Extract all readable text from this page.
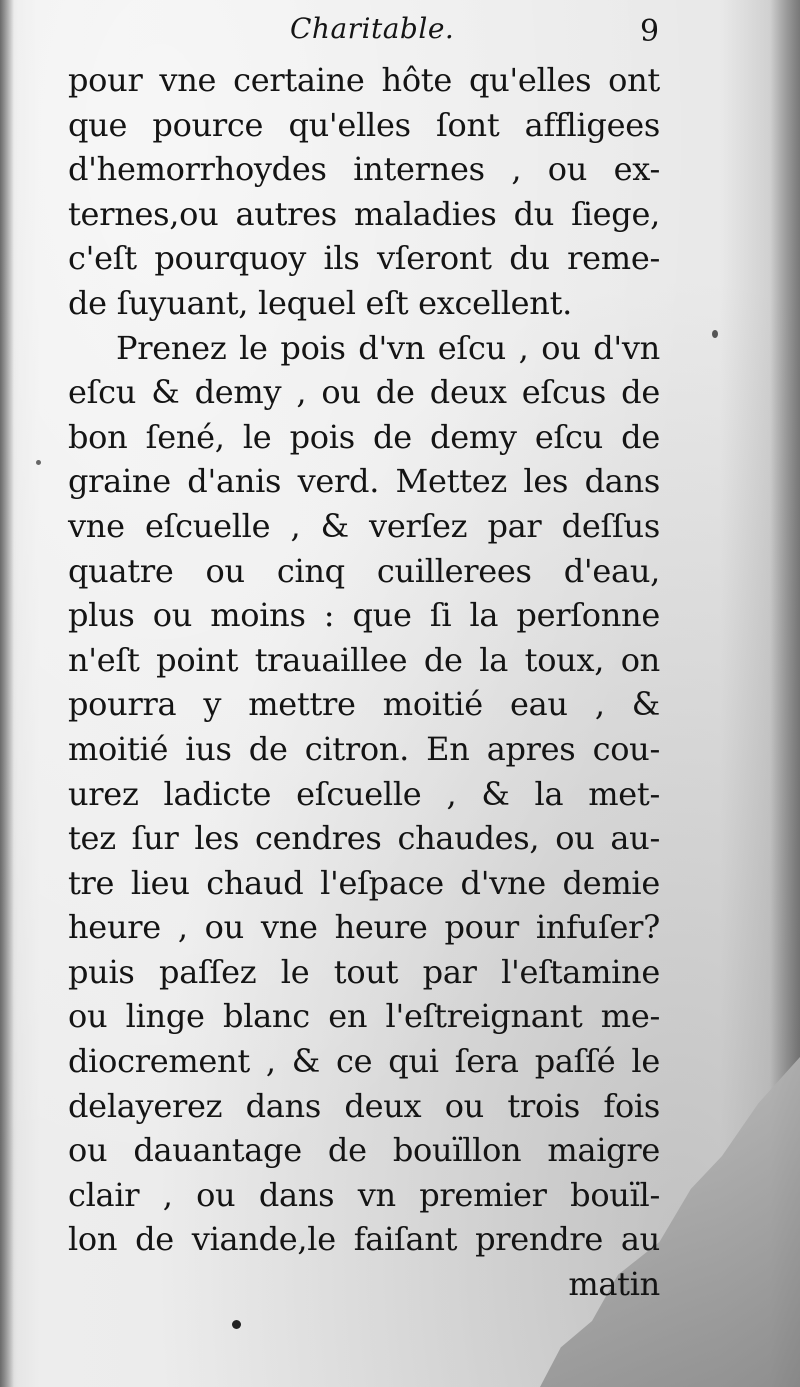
Charitable.	9
pour vne certaine hôte qu'elles ont
que pource qu'elles ſont affligees
d'hemorrhoydes internes , ou ex-
ternes,ou autres maladies du ſiege,
c'eſt pourquoy ils vſeront du reme-
de ſuyuant, lequel eſt excellent.
Prenez le pois d'vn eſcu , ou d'vn
eſcu & demy , ou de deux eſcus de
bon ſené, le pois de demy eſcu de
graine d'anis verd. Mettez les dans
vne eſcuelle , & verſez par deſſus
quatre ou cinq cuillerees d'eau,
plus ou moins : que ſi la perſonne
n'eſt point trauaillee de la toux, on
pourra y mettre moitié eau , &
moitié ius de citron. En apres cou-
urez ladicte eſcuelle , & la met-
tez ſur les cendres chaudes, ou au-
tre lieu chaud l'eſpace d'vne demie
heure , ou vne heure pour infuſer?
puis paſſez le tout par l'eſtamine
ou linge blanc en l'eſtreignant me-
diocrement , & ce qui ſera paſſé le
delayerez dans deux ou trois fois
ou dauantage de bouïllon maigre
clair , ou dans vn premier bouïl-
lon de viande,le faiſant prendre au
matin
